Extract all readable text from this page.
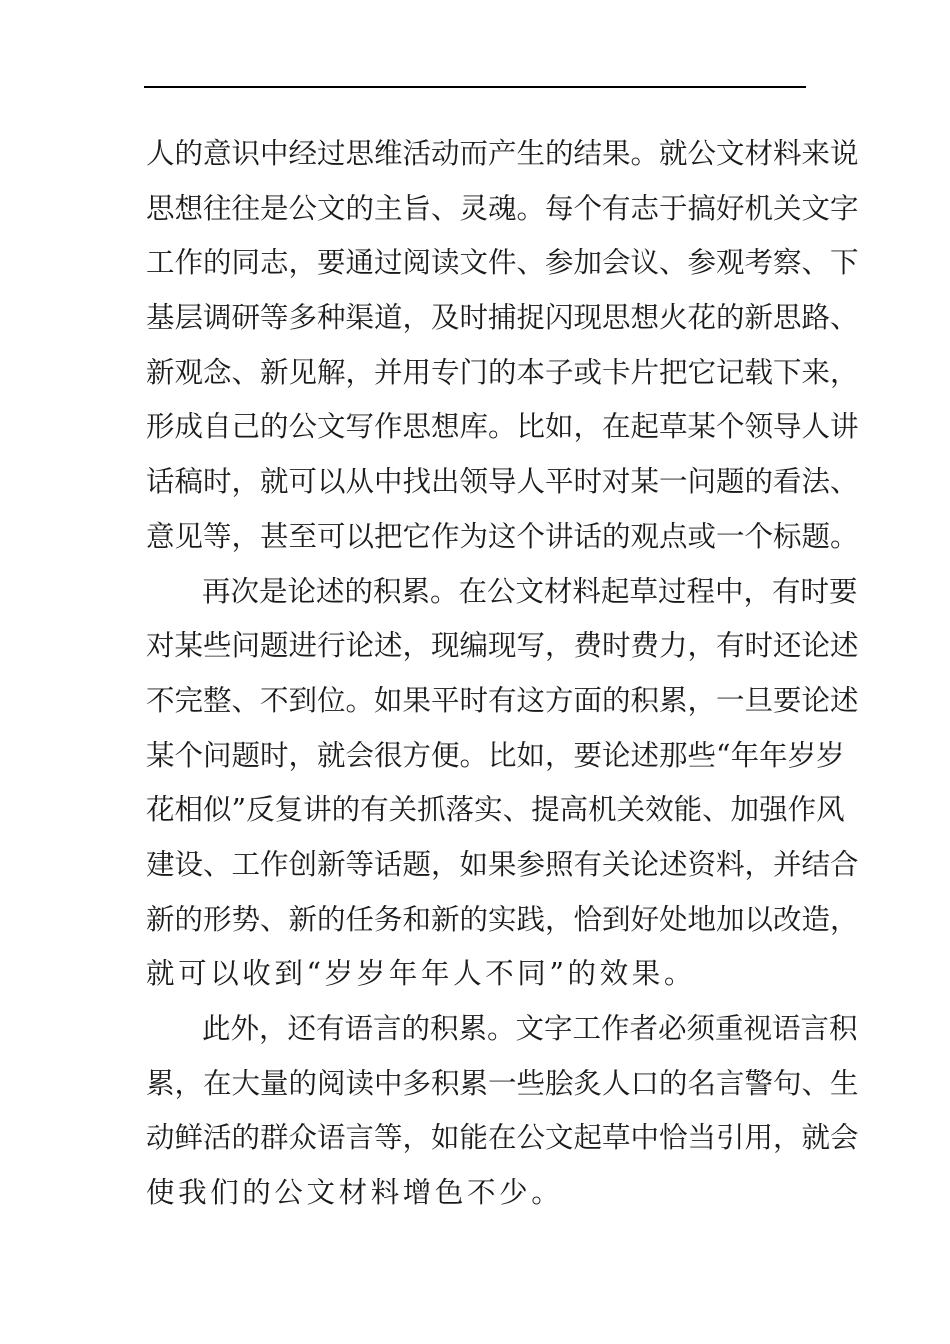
人的意识中经过思维活动而产生的结果。就公文材料来说
思想往往是公文的主旨、灵魂。每个有志于搞好机关文字
工作的同志，要通过阅读文件、参加会议、参观考察、下
基层调研等多种渠道，及时捕捉闪现思想火花的新思路、
新观念、新见解，并用专门的本子或卡片把它记载下来，
形成自己的公文写作思想库。比如，在起草某个领导人讲
话稿时，就可以从中找出领导人平时对某一问题的看法、
意见等，甚至可以把它作为这个讲话的观点或一个标题。
再次是论述的积累。在公文材料起草过程中，有时要
对某些问题进行论述，现编现写，费时费力，有时还论述
不完整、不到位。如果平时有这方面的积累，一旦要论述
某个问题时，就会很方便。比如，要论述那些“年年岁岁
花相似”反复讲的有关抓落实、提高机关效能、加强作风
建设、工作创新等话题，如果参照有关论述资料，并结合
新的形势、新的任务和新的实践，恰到好处地加以改造，
就可以收到“岁岁年年人不同”的效果。
此外，还有语言的积累。文字工作者必须重视语言积
累，在大量的阅读中多积累一些脍炙人口的名言警句、生
动鲜活的群众语言等，如能在公文起草中恰当引用，就会
使我们的公文材料增色不少。
